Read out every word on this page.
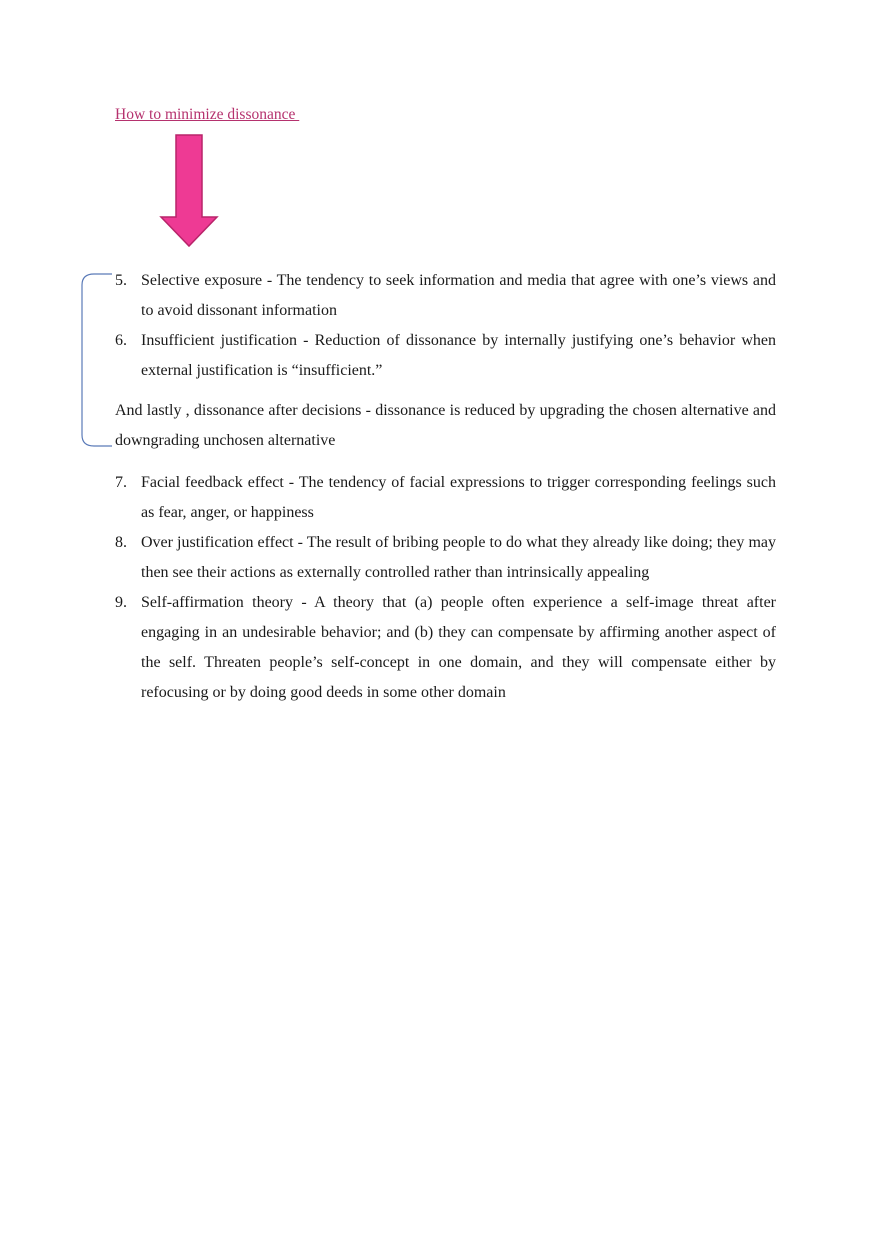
How to minimize dissonance
5. Selective exposure - The tendency to seek information and media that agree with one’s views and to avoid dissonant information
6. Insufficient justification - Reduction of dissonance by internally justifying one’s behavior when external justification is “insufficient.”
And lastly , dissonance after decisions - dissonance is reduced by upgrading the chosen alternative and downgrading unchosen alternative
7. Facial feedback effect - The tendency of facial expressions to trigger corresponding feelings such as fear, anger, or happiness
8. Over justification effect - The result of bribing people to do what they already like doing; they may then see their actions as externally controlled rather than intrinsically appealing
9. Self-affirmation theory - A theory that (a) people often experience a self-image threat after engaging in an undesirable behavior; and (b) they can compensate by affirming another aspect of the self. Threaten people’s self-concept in one domain, and they will compensate either by refocusing or by doing good deeds in some other domain
